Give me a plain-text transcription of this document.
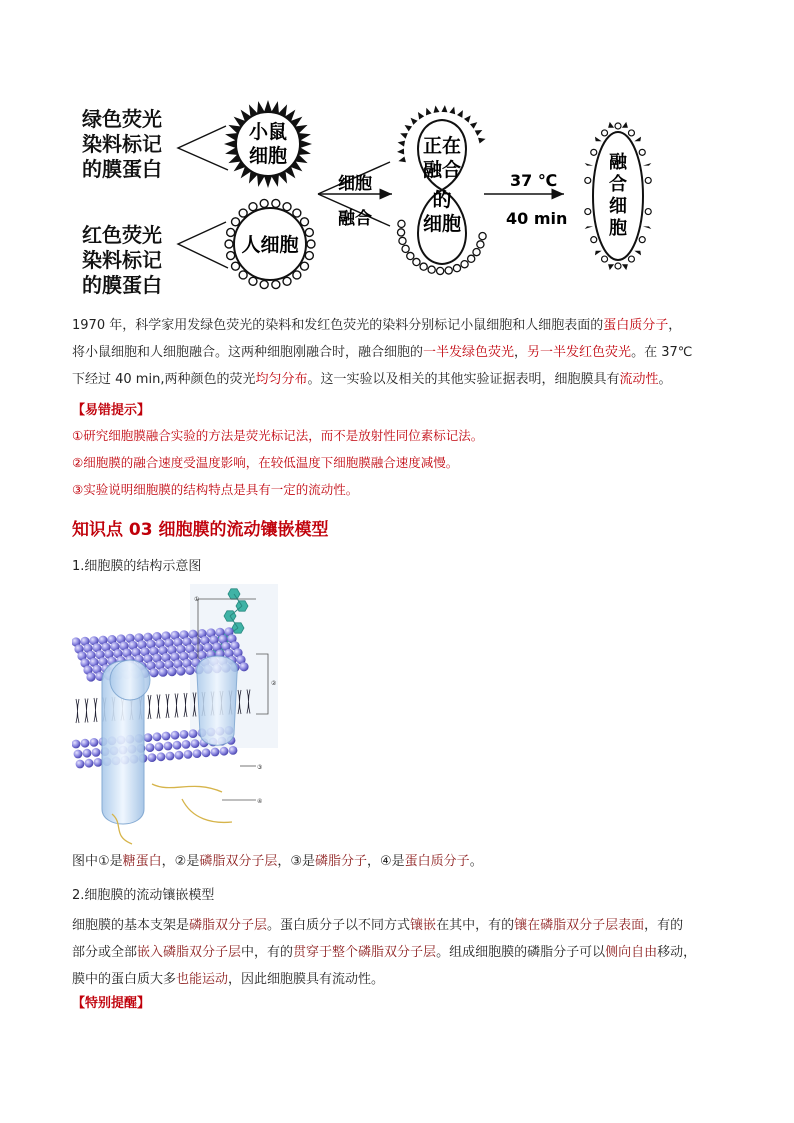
绿色荧光
染料标记
的膜蛋白
红色荧光
染料标记
的膜蛋白
小鼠
细胞
人细胞
细胞
融合
正在
融合
的
细胞
37 ℃
40 min
融
合
细
胞
1970 年，科学家用发绿色荧光的染料和发红色荧光的染料分别标记小鼠细胞和人细胞表面的蛋白质分子，
将小鼠细胞和人细胞融合。这两种细胞刚融合时，融合细胞的一半发绿色荧光，另一半发红色荧光。在 37℃
下经过 40 min,两种颜色的荧光均匀分布。这一实验以及相关的其他实验证据表明，细胞膜具有流动性。
【易错提示】
①研究细胞膜融合实验的方法是荧光标记法，而不是放射性同位素标记法。
②细胞膜的融合速度受温度影响，在较低温度下细胞膜融合速度减慢。
③实验说明细胞膜的结构特点是具有一定的流动性。
知识点 03 细胞膜的流动镶嵌模型
1.细胞膜的结构示意图
①
②
③
④
图中①是糖蛋白，②是磷脂双分子层，③是磷脂分子，④是蛋白质分子。
2.细胞膜的流动镶嵌模型
细胞膜的基本支架是磷脂双分子层。蛋白质分子以不同方式镶嵌在其中，有的镶在磷脂双分子层表面，有的
部分或全部嵌入磷脂双分子层中，有的贯穿于整个磷脂双分子层。组成细胞膜的磷脂分子可以侧向自由移动，
膜中的蛋白质大多也能运动，因此细胞膜具有流动性。
【特别提醒】
